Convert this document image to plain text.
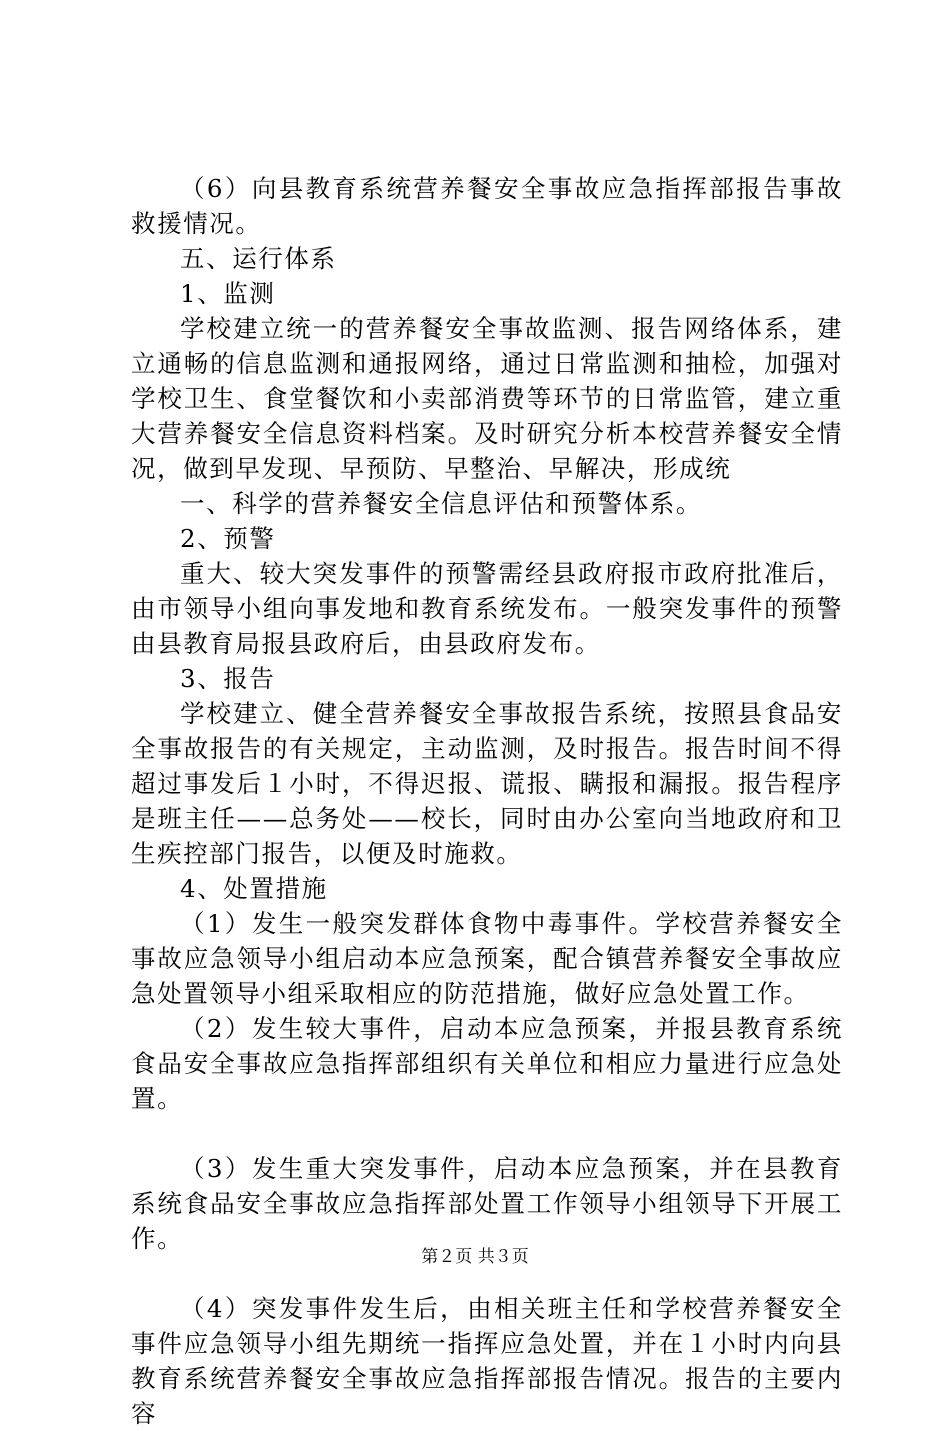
（6）向县教育系统营养餐安全事故应急指挥部报告事故救援情况。

五、运行体系

1、监测

学校建立统一的营养餐安全事故监测、报告网络体系，建立通畅的信息监测和通报网络，通过日常监测和抽检，加强对学校卫生、食堂餐饮和小卖部消费等环节的日常监管，建立重大营养餐安全信息资料档案。及时研究分析本校营养餐安全情况，做到早发现、早预防、早整治、早解决，形成统

一、科学的营养餐安全信息评估和预警体系。

2、预警

重大、较大突发事件的预警需经县政府报市政府批准后，由市领导小组向事发地和教育系统发布。一般突发事件的预警由县教育局报县政府后，由县政府发布。

3、报告

学校建立、健全营养餐安全事故报告系统，按照县食品安全事故报告的有关规定，主动监测，及时报告。报告时间不得超过事发后１小时，不得迟报、谎报、瞒报和漏报。报告程序是班主任——总务处——校长，同时由办公室向当地政府和卫生疾控部门报告，以便及时施救。

4、处置措施

（1）发生一般突发群体食物中毒事件。学校营养餐安全事故应急领导小组启动本应急预案，配合镇营养餐安全事故应急处置领导小组采取相应的防范措施，做好应急处置工作。

（2）发生较大事件，启动本应急预案，并报县教育系统食品安全事故应急指挥部组织有关单位和相应力量进行应急处置。

（3）发生重大突发事件，启动本应急预案，并在县教育系统食品安全事故应急指挥部处置工作领导小组领导下开展工作。

（4）突发事件发生后，由相关班主任和学校营养餐安全事件应急领导小组先期统一指挥应急处置，并在１小时内向县教育系统营养餐安全事故应急指挥部报告情况。报告的主要内容

第２页 共３页
